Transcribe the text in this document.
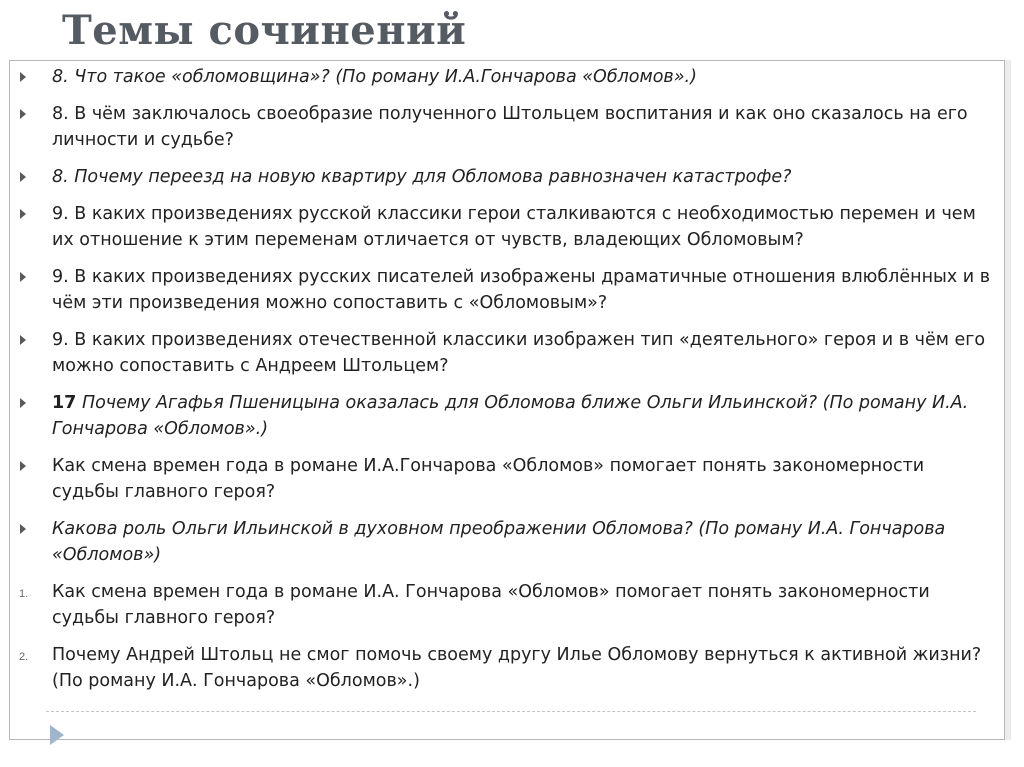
Темы сочинений
8. Что такое «обломовщина»? (По роману И.А.Гончарова «Обломов».)
8. В чём заключалось своеобразие полученного Штольцем воспитания и как оно сказалось на его личности и судьбе?
8. Почему переезд на новую квартиру для Обломова равнозначен катастрофе?
9. В каких произведениях русской классики герои сталкиваются с необходимостью перемен и чем их отношение к этим переменам отличается от чувств, владеющих Обломовым?
9. В каких произведениях русских писателей изображены драматичные отношения влюблённых и в чём эти произведения можно сопоставить с «Обломовым»?
9. В каких произведениях отечественной классики изображен тип «деятельного» героя и в чём его можно сопоставить с Андреем Штольцем?
17 Почему Агафья Пшеницына оказалась для Обломова ближе Ольги Ильинской? (По роману И.А. Гончарова «Обломов».)
Как смена времен года в романе И.А.Гончарова «Обломов» помогает понять закономерности судьбы главного героя?
Какова роль Ольги Ильинской в духовном преображении Обломова? (По роману И.А. Гончарова «Обломов»)
1. Как смена времен года в романе И.А. Гончарова «Обломов» помогает понять закономерности судьбы главного героя?
2. Почему Андрей Штольц не смог помочь своему другу Илье Обломову вернуться к активной жизни? (По роману И.А. Гончарова «Обломов».)
